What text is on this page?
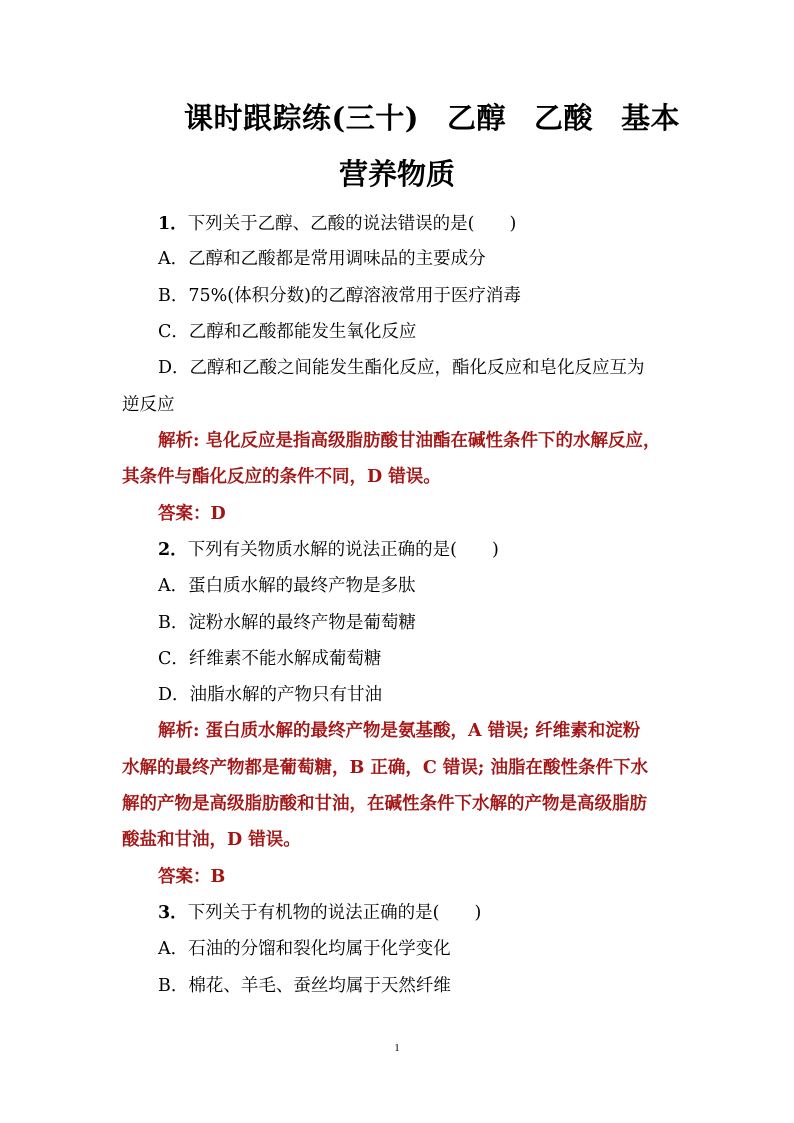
课时跟踪练(三十) 乙醇 乙酸 基本
营养物质
1．下列关于乙醇、乙酸的说法错误的是(　　)
A．乙醇和乙酸都是常用调味品的主要成分
B．75%(体积分数)的乙醇溶液常用于医疗消毒
C．乙醇和乙酸都能发生氧化反应
D．乙醇和乙酸之间能发生酯化反应，酯化反应和皂化反应互为
逆反应
解析: 皂化反应是指高级脂肪酸甘油酯在碱性条件下的水解反应，
其条件与酯化反应的条件不同，D 错误。
答案：D
2．下列有关物质水解的说法正确的是(　　)
A．蛋白质水解的最终产物是多肽
B．淀粉水解的最终产物是葡萄糖
C．纤维素不能水解成葡萄糖
D．油脂水解的产物只有甘油
解析: 蛋白质水解的最终产物是氨基酸，A 错误; 纤维素和淀粉
水解的最终产物都是葡萄糖，B 正确，C 错误; 油脂在酸性条件下水
解的产物是高级脂肪酸和甘油，在碱性条件下水解的产物是高级脂肪
酸盐和甘油，D 错误。
答案：B
3．下列关于有机物的说法正确的是(　　)
A．石油的分馏和裂化均属于化学变化
B．棉花、羊毛、蚕丝均属于天然纤维
1
